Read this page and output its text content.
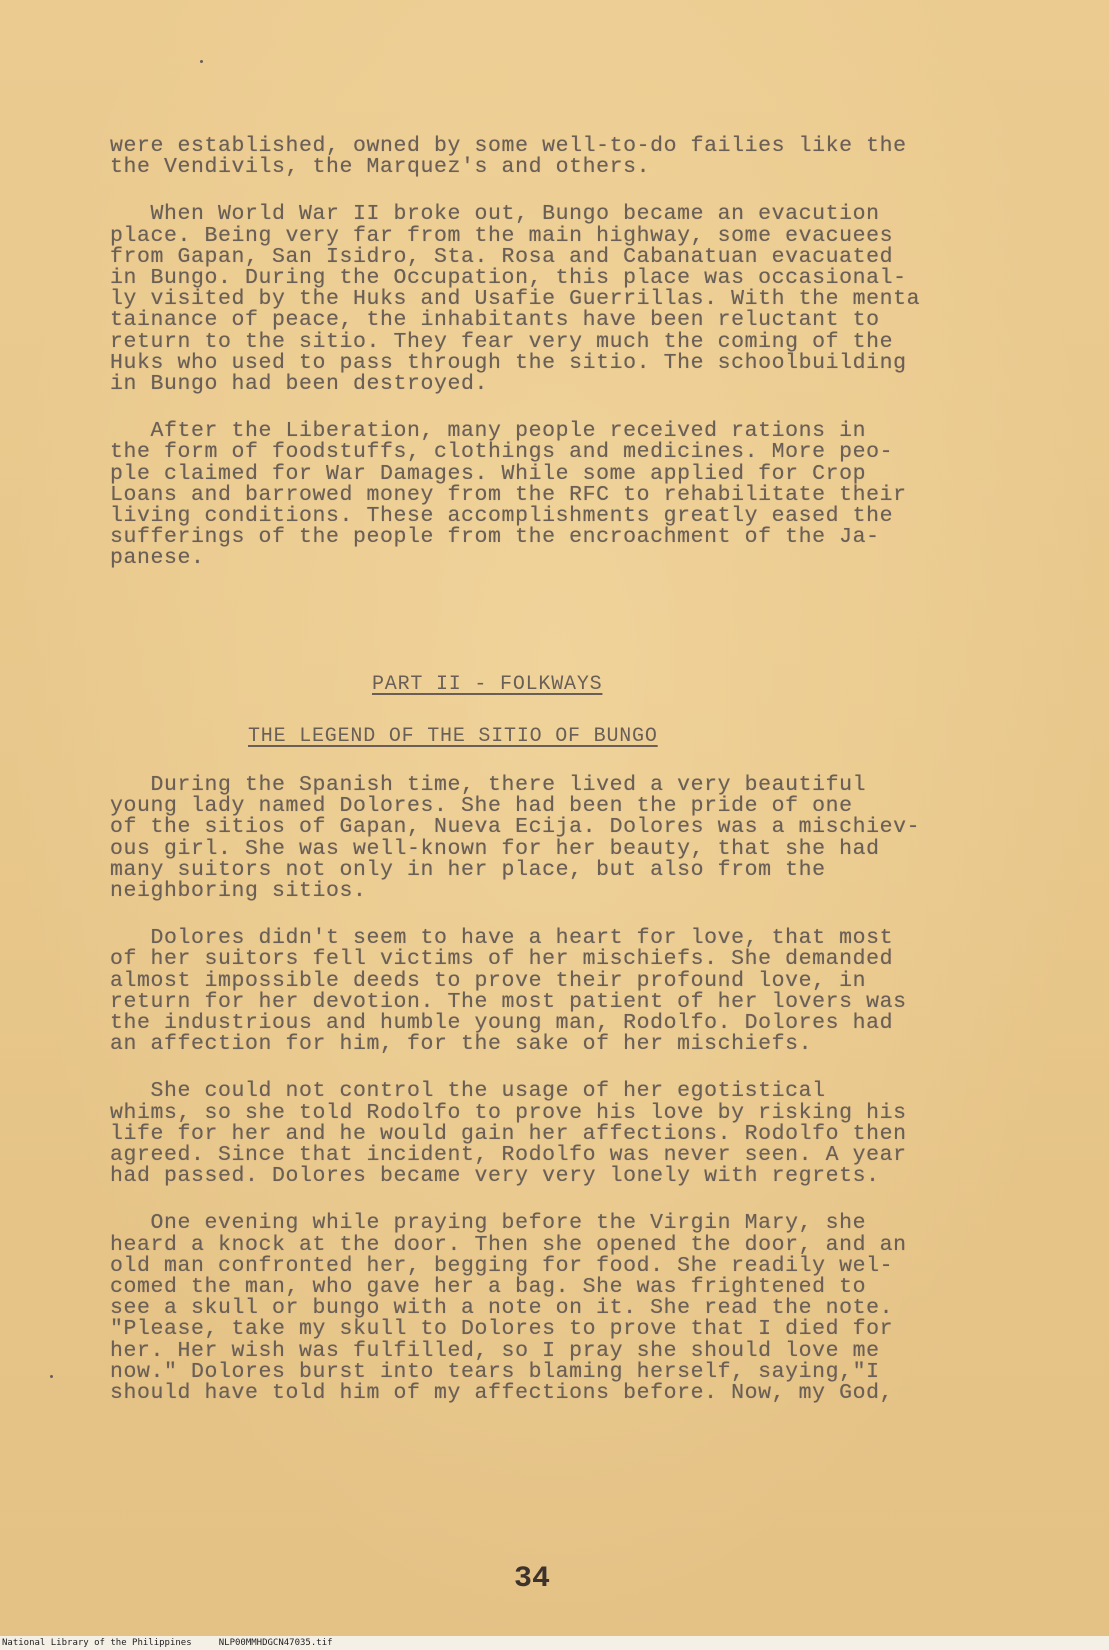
were established, owned by some well-to-do failies like the
the Vendivils, the Marquez's and others.
When World War II broke out, Bungo became an evacution
place. Being very far from the main highway, some evacuees
from Gapan, San Isidro, Sta. Rosa and Cabanatuan evacuated
in Bungo. During the Occupation, this place was occasional-
ly visited by the Huks and Usafie Guerrillas. With the menta
tainance of peace, the inhabitants have been reluctant to
return to the sitio. They fear very much the coming of the
Huks who used to pass through the sitio. The schoolbuilding
in Bungo had been destroyed.
After the Liberation, many people received rations in
the form of foodstuffs, clothings and medicines. More peo-
ple claimed for War Damages. While some applied for Crop
Loans and barrowed money from the RFC to rehabilitate their
living conditions. These accomplishments greatly eased the
sufferings of the people from the encroachment of the Ja-
panese.
PART II - FOLKWAYS
THE LEGEND OF THE SITIO OF BUNGO
During the Spanish time, there lived a very beautiful
young lady named Dolores. She had been the pride of one
of the sitios of Gapan, Nueva Ecija. Dolores was a mischiev-
ous girl. She was well-known for her beauty, that she had
many suitors not only in her place, but also from the
neighboring sitios.
Dolores didn't seem to have a heart for love, that most
of her suitors fell victims of her mischiefs. She demanded
almost impossible deeds to prove their profound love, in
return for her devotion. The most patient of her lovers was
the industrious and humble young man, Rodolfo. Dolores had
an affection for him, for the sake of her mischiefs.
She could not control the usage of her egotistical
whims, so she told Rodolfo to prove his love by risking his
life for her and he would gain her affections. Rodolfo then
agreed. Since that incident, Rodolfo was never seen. A year
had passed. Dolores became very very lonely with regrets.
One evening while praying before the Virgin Mary, she
heard a knock at the door. Then she opened the door, and an
old man confronted her, begging for food. She readily wel-
comed the man, who gave her a bag. She was frightened to
see a skull or bungo with a note on it. She read the note.
"Please, take my skull to Dolores to prove that I died for
her. Her wish was fulfilled, so I pray she should love me
now." Dolores burst into tears blaming herself, saying,"I
should have told him of my affections before. Now, my God,
34
National Library of the Philippines     NLP00MMHDGCN47035.tif
